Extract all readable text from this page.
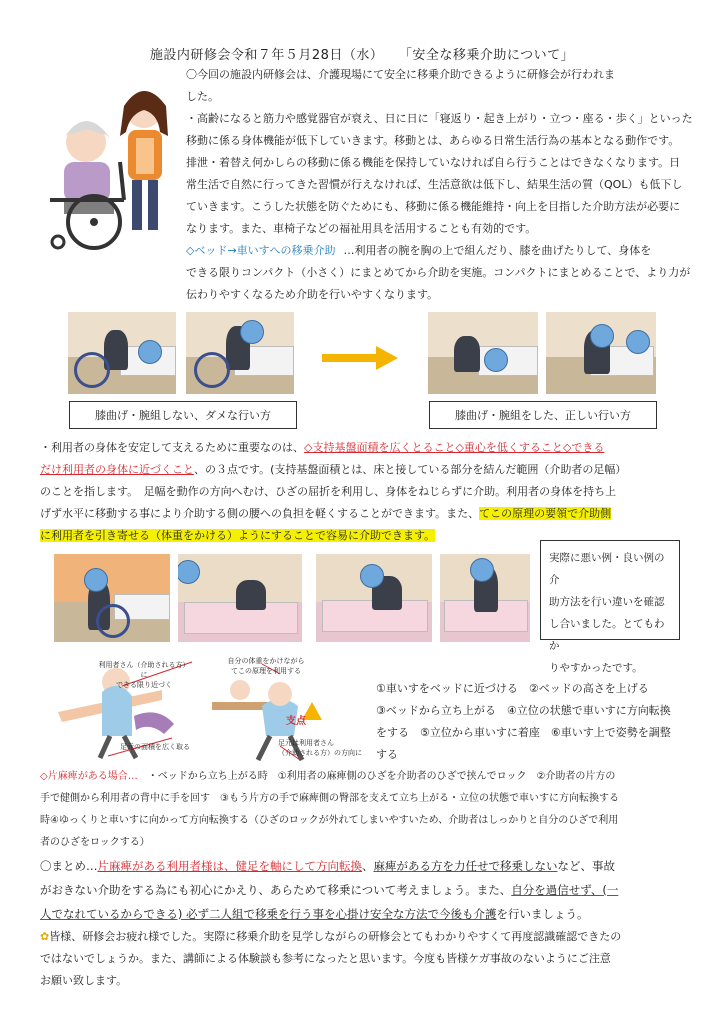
施設内研修会令和７年５月28日（水） 「安全な移乗介助について」
〇今回の施設内研修会は、介護現場にて安全に移乗介助できるように研修会が行われま
した。
・高齢になると筋力や感覚器官が衰え、日に日に「寝返り・起き上がり・立つ・座る・歩く」といった
移動に係る身体機能が低下していきます。移動とは、あらゆる日常生活行為の基本となる動作です。
排泄・着替え何かしらの移動に係る機能を保持していなければ自ら行うことはできなくなります。日
常生活で自然に行ってきた習慣が行えなければ、生活意欲は低下し、結果生活の質（QOL）も低下し
ていきます。こうした状態を防ぐためにも、移動に係る機能維持・向上を目指した介助方法が必要に
なります。また、車椅子などの福祉用具を活用することも有効的です。
◇ベッド→車いすへの移乗介助 …利用者の腕を胸の上で組んだり、膝を曲げたりして、身体を
できる限りコンパクト（小さく）にまとめてから介助を実施。コンパクトにまとめることで、より力が
伝わりやすくなるため介助を行いやすくなります。
膝曲げ・腕組しない、ダメな行い方	膝曲げ・腕組をした、正しい行い方
・利用者の身体を安定して支えるために重要なのは、◇支持基盤面積を広くとること◇重心を低くすること◇できる
だけ利用者の身体に近づくこと、の３点です。(支持基盤面積とは、床と接している部分を結んだ範囲（介助者の足幅）
のことを指します。　足幅を動作の方向へむけ、ひざの屈折を利用し、身体をねじらずに介助。利用者の身体を持ち上
げず水平に移動する事により介助する側の腰への負担を軽くすることができます。また、てこの原理の要領で介助側
に利用者を引き寄せる（体重をかける）ようにすることで容易に介助できます。
実際に悪い例・良い例の介
助方法を行い違いを確認
し合いました。とてもわか
りやすかったです。
利用者さん（介助される方）に
できる限り近づく
自分の体重をかけながら
てこの原理を利用する
支点
足元の面積を広く取る	足元は利用者さん
（介助される方）の方向に
①車いすをベッドに近づける　②ベッドの高さを上げる
③ベッドから立ち上がる　④立位の状態で車いすに方向転換
をする　⑤立位から車いすに着座　⑥車いす上で姿勢を調整
する
◇片麻痺がある場合… ・ベッドから立ち上がる時　①利用者の麻痺側のひざを介助者のひざで挟んでロック　②介助者の片方の
手で健側から利用者の背中に手を回す　③もう片方の手で麻痺側の臀部を支えて立ち上がる・立位の状態で車いすに方向転換する
時④ゆっくりと車いすに向かって方向転換する（ひざのロックが外れてしまいやすいため、介助者はしっかりと自分のひざで利用
者のひざをロックする）
〇まとめ…片麻痺がある利用者様は、健足を軸にして方向転換、麻痺がある方を力任せで移乗しないなど、事故
がおきない介助をする為にも初心にかえり、あらためて移乗について考えましょう。また、自分を過信せず、(一
人でなれているからできる) 必ず二人組で移乗を行う事を心掛け安全な方法で今後も介護を行いましょう。
✿皆様、研修会お疲れ様でした。実際に移乗介助を見学しながらの研修会とてもわかりやすくて再度認識確認できたの
ではないでしょうか。また、講師による体験談も参考になったと思います。今度も皆様ケガ事故のないようにご注意
お願い致します。
